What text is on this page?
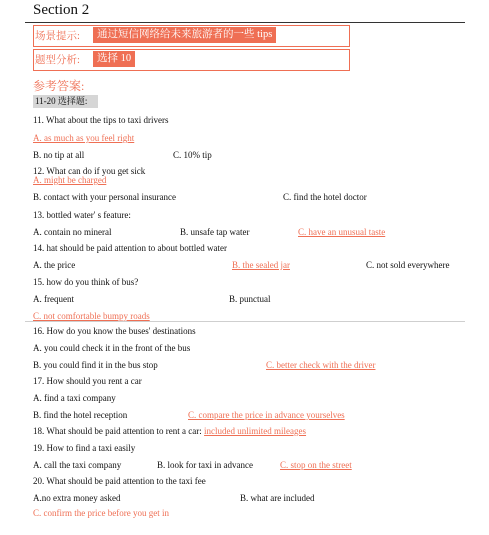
Section 2
场景提示:	通过短信网络给未来旅游者的一些 tips
题型分析:	选择 10
参考答案:
11-20 选择题:
11. What about the tips to taxi drivers
A. as much as you feel right
B. no tip at all	C. 10% tip
12. What can do if you get sick
A. might be charged
B. contact with your personal insurance	C. find the hotel doctor
13. bottled water' s feature:
A. contain no mineral	B. unsafe tap water	C. have an unusual taste
14. hat should be paid attention to about bottled water
A. the price	B. the sealed jar	C. not sold everywhere
15. how do you think of bus?
A. frequent	B. punctual
C. not comfortable bumpy roads
16. How do you know the buses' destinations
A. you could check it in the front of the bus
B. you could find it in the bus stop	C. better check with the driver
17. How should you rent a car
A. find a taxi company
B. find the hotel reception	C. compare the price in advance yourselves
18. What should be paid attention to rent a car: included unlimited mileages
19. How to find a taxi easily
A. call the taxi company	B. look for taxi in advance	C. stop on the street
20. What should be paid attention to the taxi fee
A.no extra money asked	B. what are included
C. confirm the price before you get in
